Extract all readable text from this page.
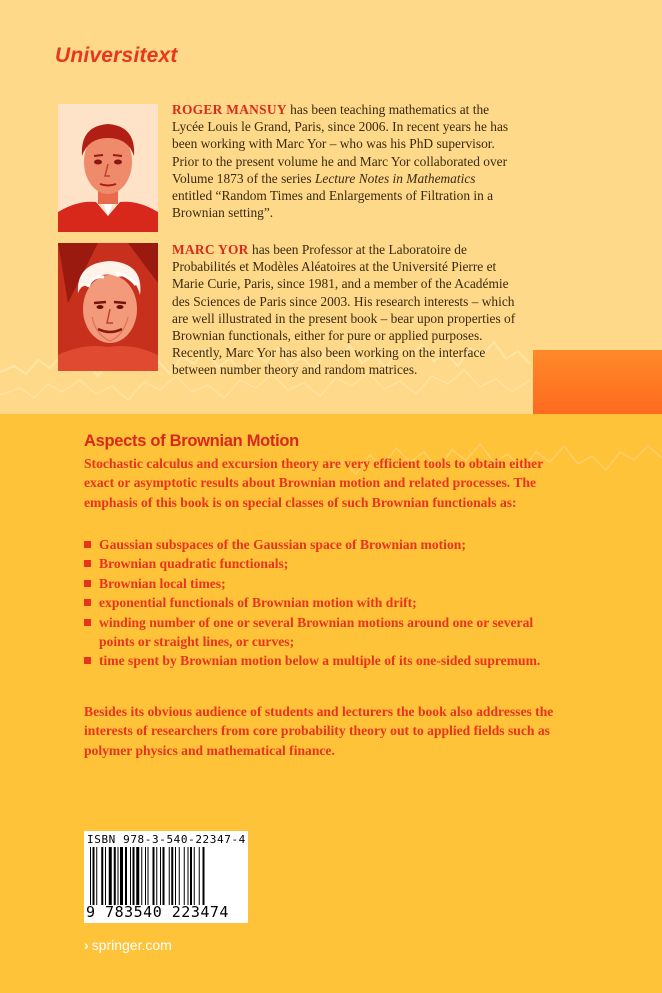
Universitext
ROGER MANSUY has been teaching mathematics at the Lycée Louis le Grand, Paris, since 2006. In recent years he has been working with Marc Yor – who was his PhD supervisor. Prior to the present volume he and Marc Yor collaborated over Volume 1873 of the series Lecture Notes in Mathematics entitled “Random Times and Enlargements of Filtration in a Brownian setting”.
MARC YOR has been Professor at the Laboratoire de Probabilités et Modèles Aléatoires at the Université Pierre et Marie Curie, Paris, since 1981, and a member of the Académie des Sciences de Paris since 2003. His research interests – which are well illustrated in the present book – bear upon properties of Brownian functionals, either for pure or applied purposes. Recently, Marc Yor has also been working on the interface between number theory and random matrices.
Aspects of Brownian Motion

Stochastic calculus and excursion theory are very efficient tools to obtain either exact or asymptotic results about Brownian motion and related processes. The emphasis of this book is on special classes of such Brownian functionals as:

Gaussian subspaces of the Gaussian space of Brownian motion;
Brownian quadratic functionals;
Brownian local times;
exponential functionals of Brownian motion with drift;
winding number of one or several Brownian motions around one or several points or straight lines, or curves;
time spent by Brownian motion below a multiple of its one-sided supremum.

Besides its obvious audience of students and lecturers the book also addresses the interests of researchers from core probability theory out to applied fields such as polymer physics and mathematical finance.

ISBN 978-3-540-22347-4
9 783540 223474
› springer.com
